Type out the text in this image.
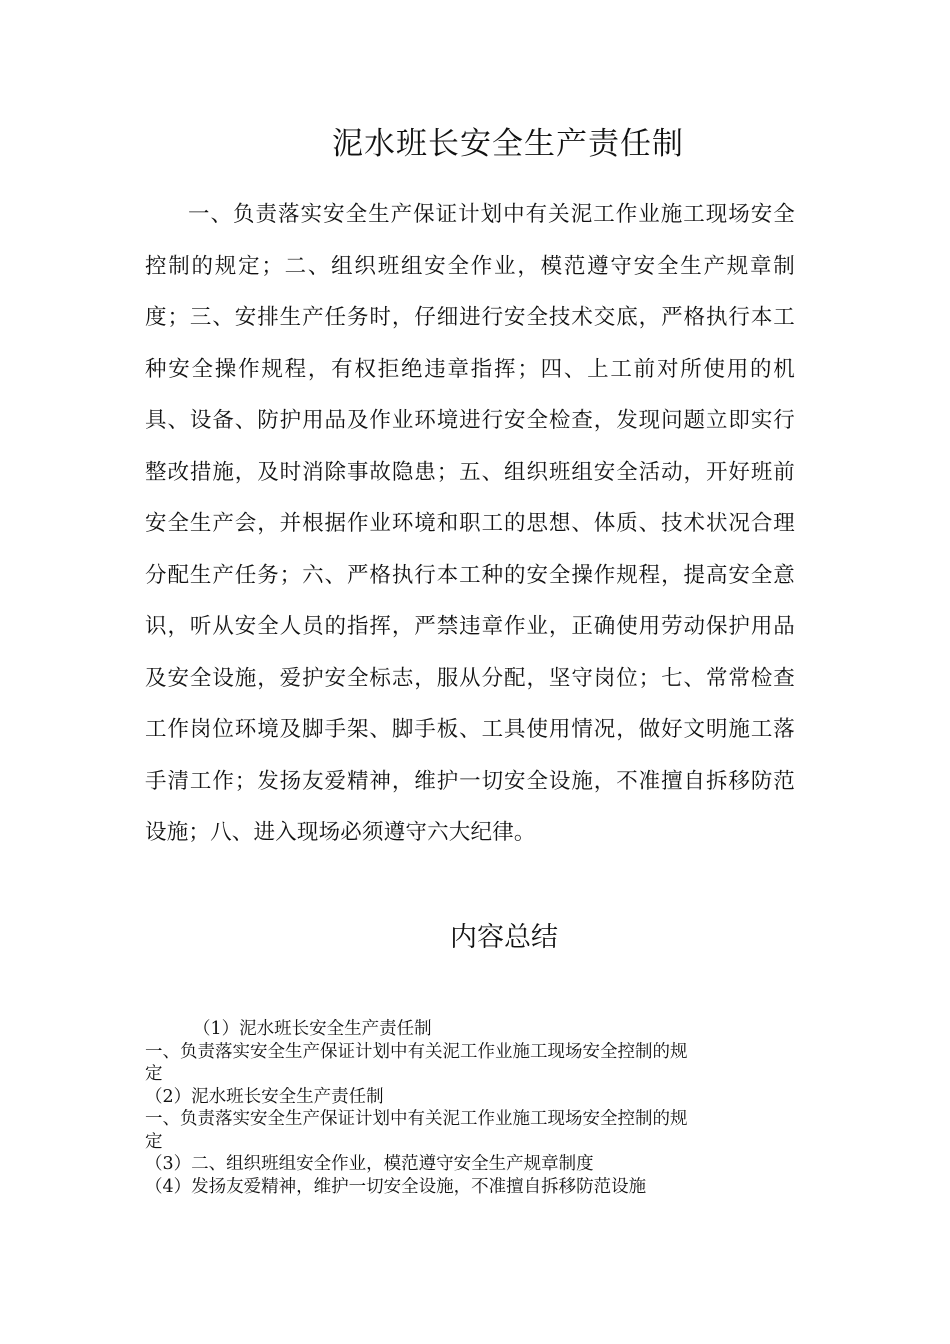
泥水班长安全生产责任制

一、负责落实安全生产保证计划中有关泥工作业施工现场安全控制的规定；二、组织班组安全作业，模范遵守安全生产规章制度；三、安排生产任务时，仔细进行安全技术交底，严格执行本工种安全操作规程，有权拒绝违章指挥；四、上工前对所使用的机具、设备、防护用品及作业环境进行安全检查，发现问题立即实行整改措施，及时消除事故隐患；五、组织班组安全活动，开好班前安全生产会，并根据作业环境和职工的思想、体质、技术状况合理分配生产任务；六、严格执行本工种的安全操作规程，提高安全意识，听从安全人员的指挥，严禁违章作业，正确使用劳动保护用品及安全设施，爱护安全标志，服从分配，坚守岗位；七、常常检查工作岗位环境及脚手架、脚手板、工具使用情况，做好文明施工落手清工作；发扬友爱精神，维护一切安全设施，不准擅自拆移防范设施；八、进入现场必须遵守六大纪律。

内容总结
（1）泥水班长安全生产责任制
一、负责落实安全生产保证计划中有关泥工作业施工现场安全控制的规
定
（2）泥水班长安全生产责任制
一、负责落实安全生产保证计划中有关泥工作业施工现场安全控制的规
定
（3）二、组织班组安全作业，模范遵守安全生产规章制度
（4）发扬友爱精神，维护一切安全设施，不准擅自拆移防范设施
